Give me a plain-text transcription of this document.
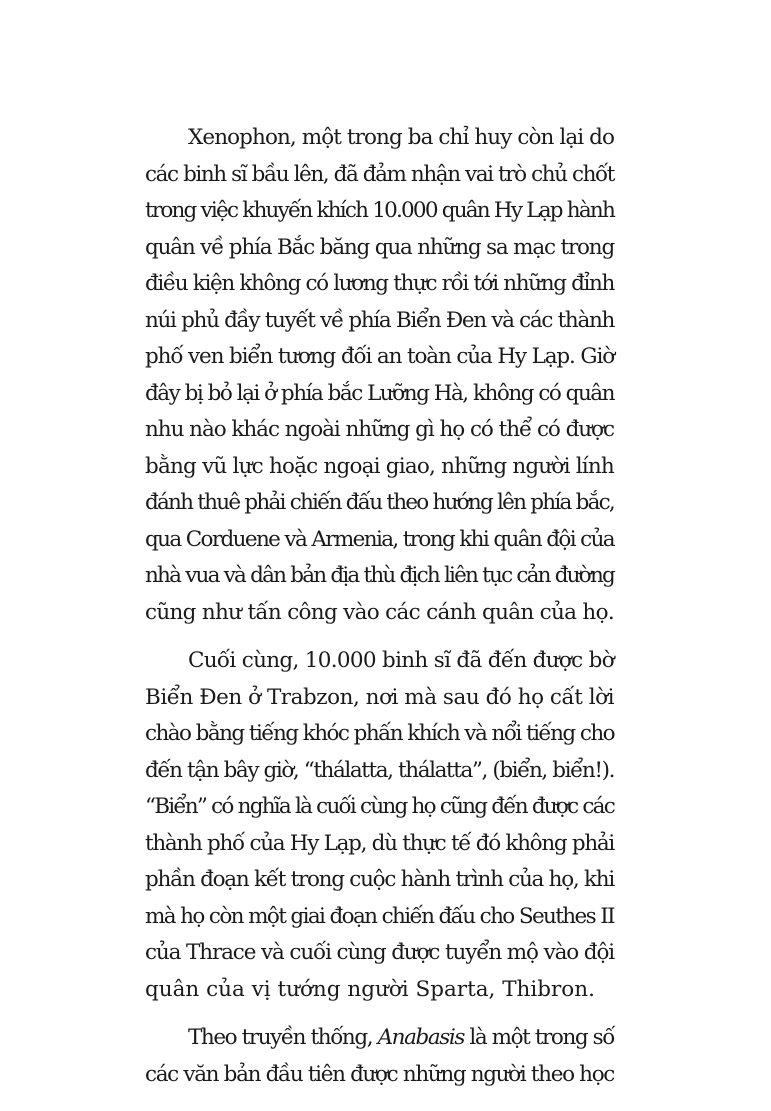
Xenophon, một trong ba chỉ huy còn lại do
các binh sĩ bầu lên, đã đảm nhận vai trò chủ chốt
trong việc khuyến khích 10.000 quân Hy Lạp hành
quân về phía Bắc băng qua những sa mạc trong
điều kiện không có lương thực rồi tới những đỉnh
núi phủ đầy tuyết về phía Biển Đen và các thành
phố ven biển tương đối an toàn của Hy Lạp. Giờ
đây bị bỏ lại ở phía bắc Lưỡng Hà, không có quân
nhu nào khác ngoài những gì họ có thể có được
bằng vũ lực hoặc ngoại giao, những người lính
đánh thuê phải chiến đấu theo hướng lên phía bắc,
qua Corduene và Armenia, trong khi quân đội của
nhà vua và dân bản địa thù địch liên tục cản đường
cũng như tấn công vào các cánh quân của họ.
Cuối cùng, 10.000 binh sĩ đã đến được bờ
Biển Đen ở Trabzon, nơi mà sau đó họ cất lời
chào bằng tiếng khóc phấn khích và nổi tiếng cho
đến tận bây giờ, “thálatta, thálatta”, (biển, biển!).
“Biển” có nghĩa là cuối cùng họ cũng đến được các
thành phố của Hy Lạp, dù thực tế đó không phải
phần đoạn kết trong cuộc hành trình của họ, khi
mà họ còn một giai đoạn chiến đấu cho Seuthes II
của Thrace và cuối cùng được tuyển mộ vào đội
quân của vị tướng người Sparta, Thibron.
Theo truyền thống, Anabasis là một trong số
các văn bản đầu tiên được những người theo học
